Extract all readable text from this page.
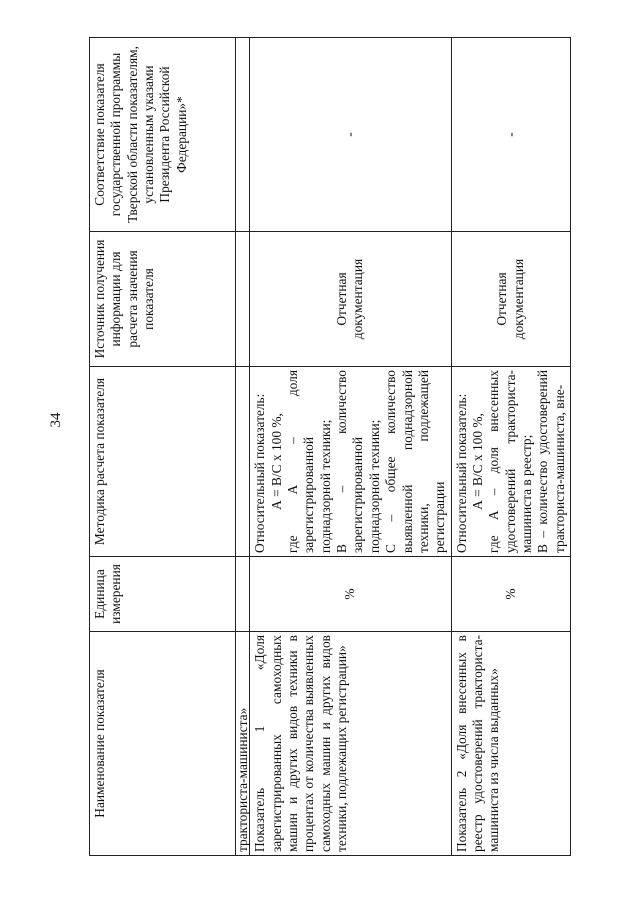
34
Наименование показателя	Единица измерения	Методика расчета показателя	Источник получения информации для расчета значения показателя	Соответствие показателя государственной программы Тверской области показателям, установленным указами Президента Российской Федерации»*
тракториста-машиниста»				
Показатель 1 «Доля зарегистрированных самоходных машин и других видов техники в процентах от количества выявленных самоходных машин и других видов техники, подлежащих регистрации»	%	Относительный показатель: А = В/С х 100 %, где А – доля зарегистрированной поднадзорной техники; В – количество зарегистрированной поднадзорной техники; С – общее количество выявленной поднадзорной техники, подлежащей регистрации	Отчетная документация	-
Показатель 2 «Доля внесенных в реестр удостоверений тракториста-машиниста из числа выданных»	%	Относительный показатель: А = В/С х 100 %, где А – доля внесенных удостоверений тракториста-машиниста в реестр; В – количество удостоверений тракториста-машиниста, вне-	Отчетная документация	-
